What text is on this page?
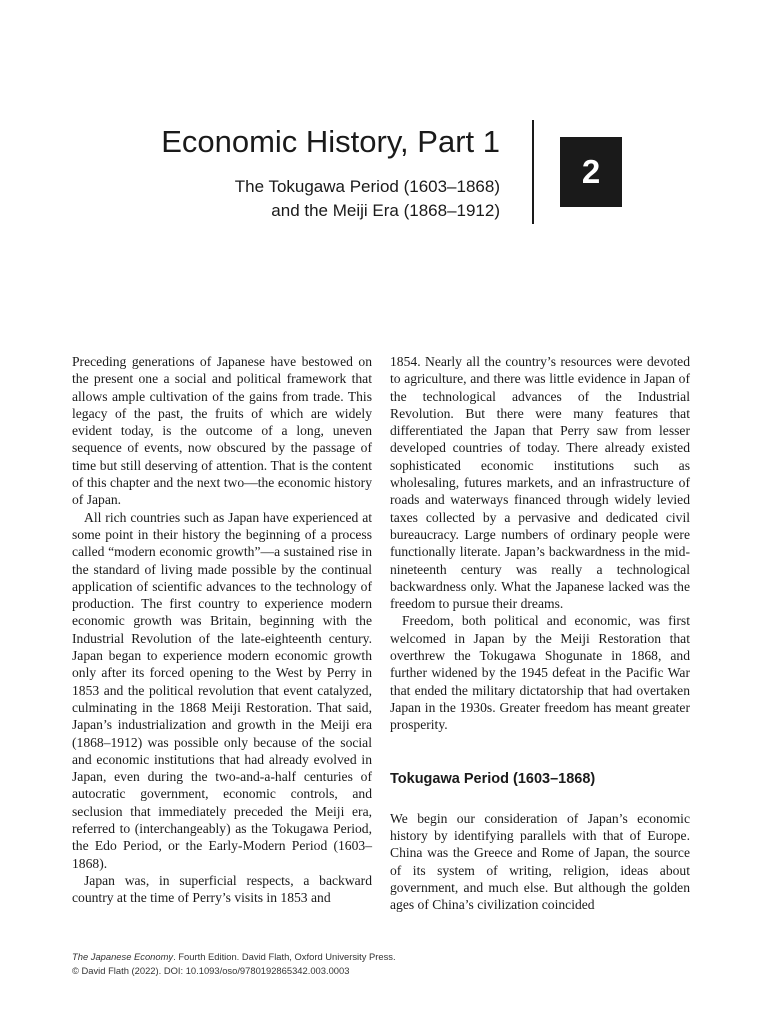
Economic History, Part 1
The Tokugawa Period (1603–1868)
and the Meiji Era (1868–1912)
2

Preceding generations of Japanese have bestowed on the present one a social and political framework that allows ample cultivation of the gains from trade. This legacy of the past, the fruits of which are widely evident today, is the outcome of a long, uneven sequence of events, now obscured by the passage of time but still deserving of attention. That is the content of this chapter and the next two—the economic history of Japan.

All rich countries such as Japan have experienced at some point in their history the beginning of a process called “modern economic growth”—a sustained rise in the standard of living made possible by the continual application of scientific advances to the technology of production. The first country to experience modern economic growth was Britain, beginning with the Industrial Revolution of the late-eighteenth century. Japan began to experience modern economic growth only after its forced opening to the West by Perry in 1853 and the political revolution that event catalyzed, culminating in the 1868 Meiji Restoration. That said, Japan’s industrialization and growth in the Meiji era (1868–1912) was possible only because of the social and economic institutions that had already evolved in Japan, even during the two-and-a-half centuries of autocratic government, economic controls, and seclusion that immediately preceded the Meiji era, referred to (interchangeably) as the Tokugawa Period, the Edo Period, or the Early-Modern Period (1603–1868).

Japan was, in superficial respects, a backward country at the time of Perry’s visits in 1853 and

1854. Nearly all the country’s resources were devoted to agriculture, and there was little evidence in Japan of the technological advances of the Industrial Revolution. But there were many features that differentiated the Japan that Perry saw from lesser developed countries of today. There already existed sophisticated economic institutions such as wholesaling, futures markets, and an infrastructure of roads and waterways financed through widely levied taxes collected by a pervasive and dedicated civil bureaucracy. Large numbers of ordinary people were functionally literate. Japan’s backwardness in the mid-nineteenth century was really a technological backwardness only. What the Japanese lacked was the freedom to pursue their dreams.

Freedom, both political and economic, was first welcomed in Japan by the Meiji Restoration that overthrew the Tokugawa Shogunate in 1868, and further widened by the 1945 defeat in the Pacific War that ended the military dictatorship that had overtaken Japan in the 1930s. Greater freedom has meant greater prosperity.

Tokugawa Period (1603–1868)

We begin our consideration of Japan’s economic history by identifying parallels with that of Europe. China was the Greece and Rome of Japan, the source of its system of writing, religion, ideas about government, and much else. But although the golden ages of China’s civilization coincided

The Japanese Economy. Fourth Edition. David Flath, Oxford University Press.
© David Flath (2022). DOI: 10.1093/oso/9780192865342.003.0003
